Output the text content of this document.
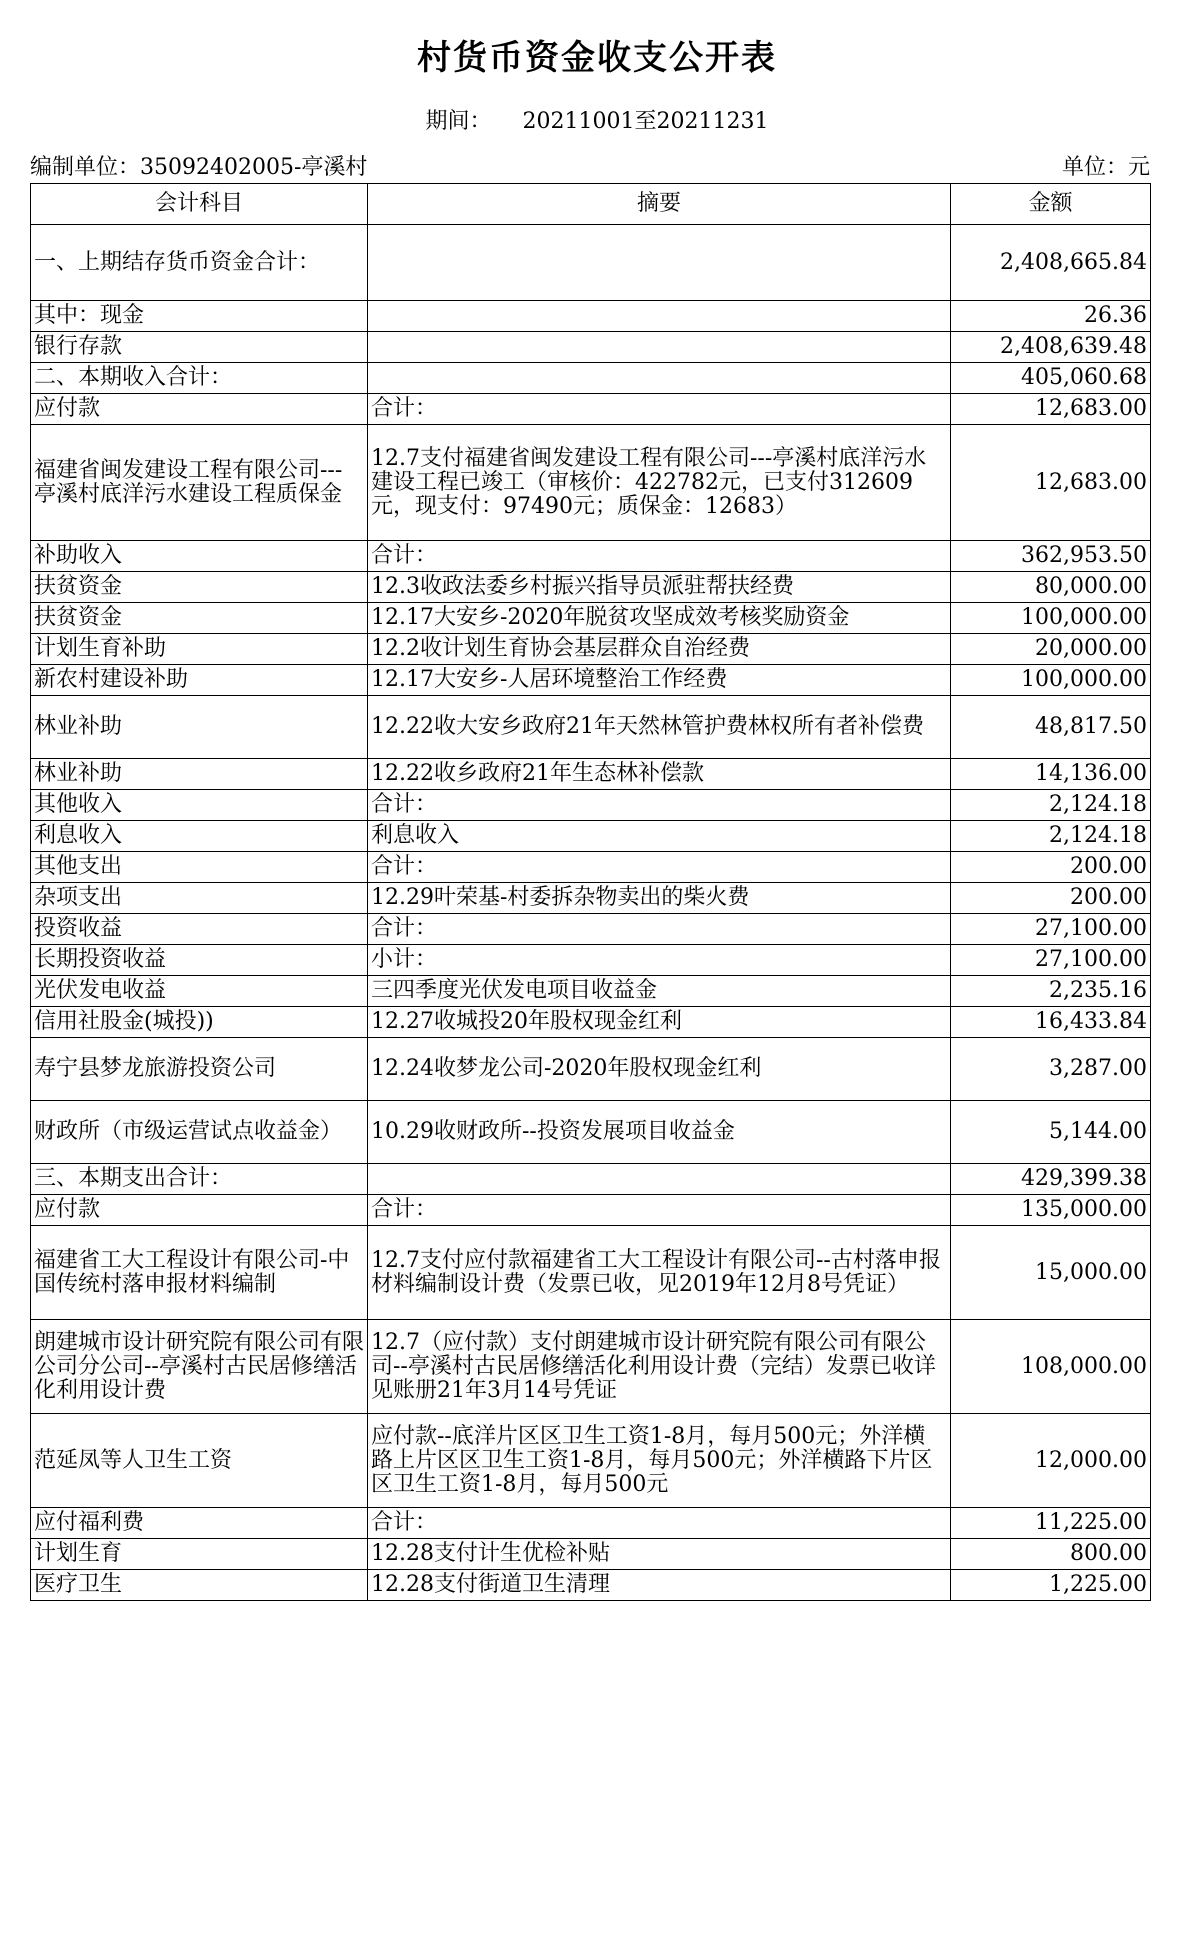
村货币资金收支公开表
期间： 20211001至20211231
编制单位：35092402005-亭溪村	单位：元
会计科目	摘要	金额
一、上期结存货币资金合计：		2,408,665.84
其中：现金		26.36
银行存款		2,408,639.48
二、本期收入合计：		405,060.68
应付款	合计：	12,683.00
福建省闽发建设工程有限公司---亭溪村底洋污水建设工程质保金	12.7支付福建省闽发建设工程有限公司---亭溪村底洋污水建设工程已竣工（审核价：422782元，已支付312609元，现支付：97490元；质保金：12683）	12,683.00
补助收入	合计：	362,953.50
扶贫资金	12.3收政法委乡村振兴指导员派驻帮扶经费	80,000.00
扶贫资金	12.17大安乡-2020年脱贫攻坚成效考核奖励资金	100,000.00
计划生育补助	12.2收计划生育协会基层群众自治经费	20,000.00
新农村建设补助	12.17大安乡-人居环境整治工作经费	100,000.00
林业补助	12.22收大安乡政府21年天然林管护费林权所有者补偿费	48,817.50
林业补助	12.22收乡政府21年生态林补偿款	14,136.00
其他收入	合计：	2,124.18
利息收入	利息收入	2,124.18
其他支出	合计：	200.00
杂项支出	12.29叶荣基-村委拆杂物卖出的柴火费	200.00
投资收益	合计：	27,100.00
长期投资收益	小计：	27,100.00
光伏发电收益	三四季度光伏发电项目收益金	2,235.16
信用社股金(城投))	12.27收城投20年股权现金红利	16,433.84
寿宁县梦龙旅游投资公司	12.24收梦龙公司-2020年股权现金红利	3,287.00
财政所（市级运营试点收益金）	10.29收财政所--投资发展项目收益金	5,144.00
三、本期支出合计：		429,399.38
应付款	合计：	135,000.00
福建省工大工程设计有限公司-中国传统村落申报材料编制	12.7支付应付款福建省工大工程设计有限公司--古村落申报材料编制设计费（发票已收，见2019年12月8号凭证）	15,000.00
朗建城市设计研究院有限公司有限公司分公司--亭溪村古民居修缮活化利用设计费	12.7（应付款）支付朗建城市设计研究院有限公司有限公司--亭溪村古民居修缮活化利用设计费（完结）发票已收详见账册21年3月14号凭证	108,000.00
范延凤等人卫生工资	应付款--底洋片区区卫生工资1-8月，每月500元；外洋横路上片区区卫生工资1-8月，每月500元；外洋横路下片区区卫生工资1-8月，每月500元	12,000.00
应付福利费	合计：	11,225.00
计划生育	12.28支付计生优检补贴	800.00
医疗卫生	12.28支付街道卫生清理	1,225.00
